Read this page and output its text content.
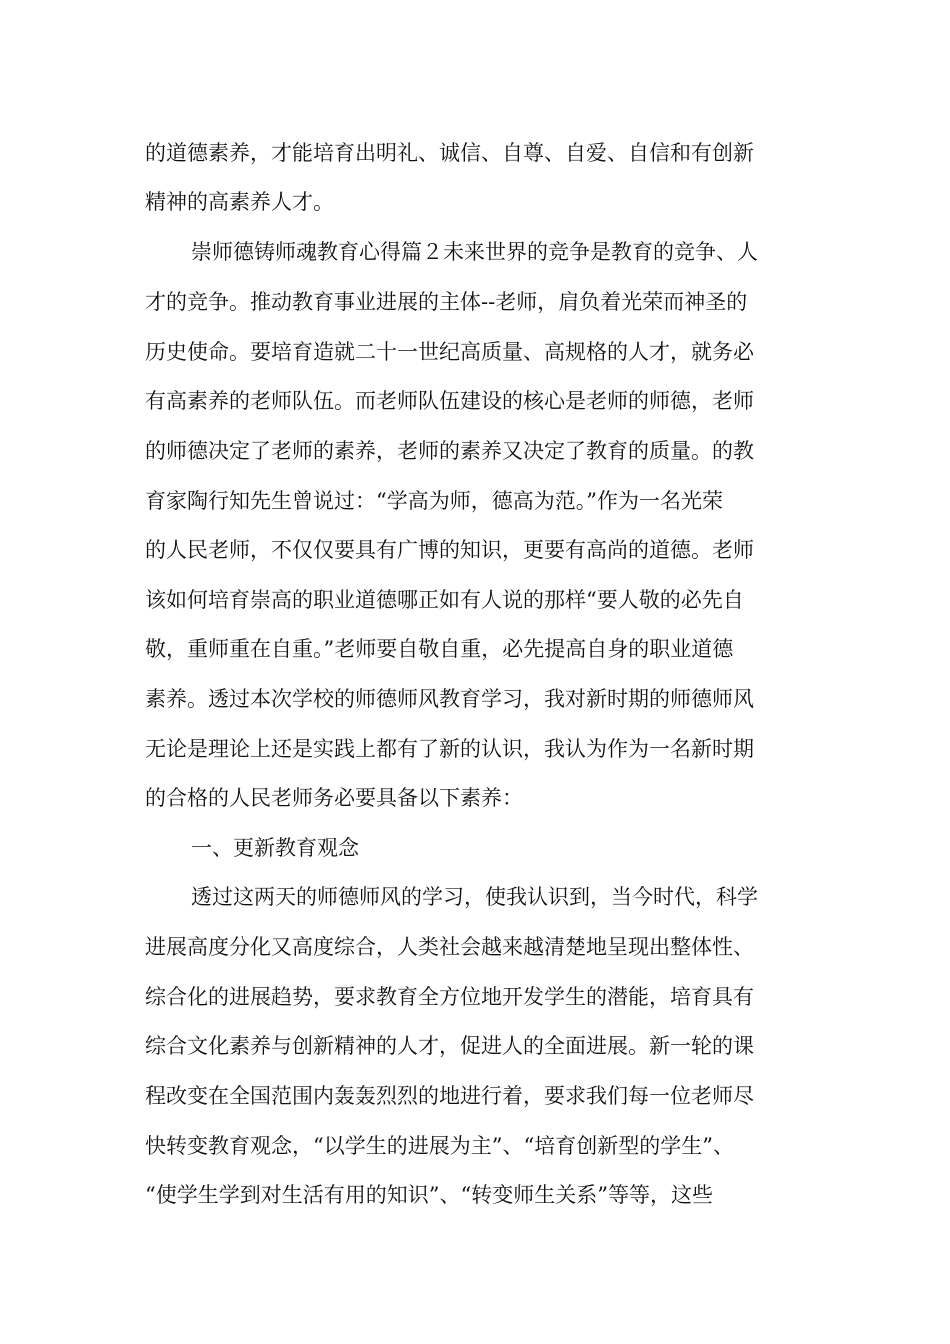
的道德素养，才能培育出明礼、诚信、自尊、自爱、自信和有创新
精神的高素养人才。
崇师德铸师魂教育心得篇２未来世界的竞争是教育的竞争、人
才的竞争。推动教育事业进展的主体--老师，肩负着光荣而神圣的
历史使命。要培育造就二十一世纪高质量、高规格的人才，就务必
有高素养的老师队伍。而老师队伍建设的核心是老师的师德，老师
的师德决定了老师的素养，老师的素养又决定了教育的质量。的教
育家陶行知先生曾说过：“学高为师，德高为范。”作为一名光荣
的人民老师，不仅仅要具有广博的知识，更要有高尚的道德。老师
该如何培育崇高的职业道德哪正如有人说的那样“要人敬的必先自
敬，重师重在自重。”老师要自敬自重，必先提高自身的职业道德
素养。透过本次学校的师德师风教育学习，我对新时期的师德师风
无论是理论上还是实践上都有了新的认识，我认为作为一名新时期
的合格的人民老师务必要具备以下素养：
一、更新教育观念
透过这两天的师德师风的学习，使我认识到，当今时代，科学
进展高度分化又高度综合，人类社会越来越清楚地呈现出整体性、
综合化的进展趋势，要求教育全方位地开发学生的潜能，培育具有
综合文化素养与创新精神的人才，促进人的全面进展。新一轮的课
程改变在全国范围内轰轰烈烈的地进行着，要求我们每一位老师尽
快转变教育观念，“以学生的进展为主”、“培育创新型的学生”、
“使学生学到对生活有用的知识”、“转变师生关系”等等，这些
